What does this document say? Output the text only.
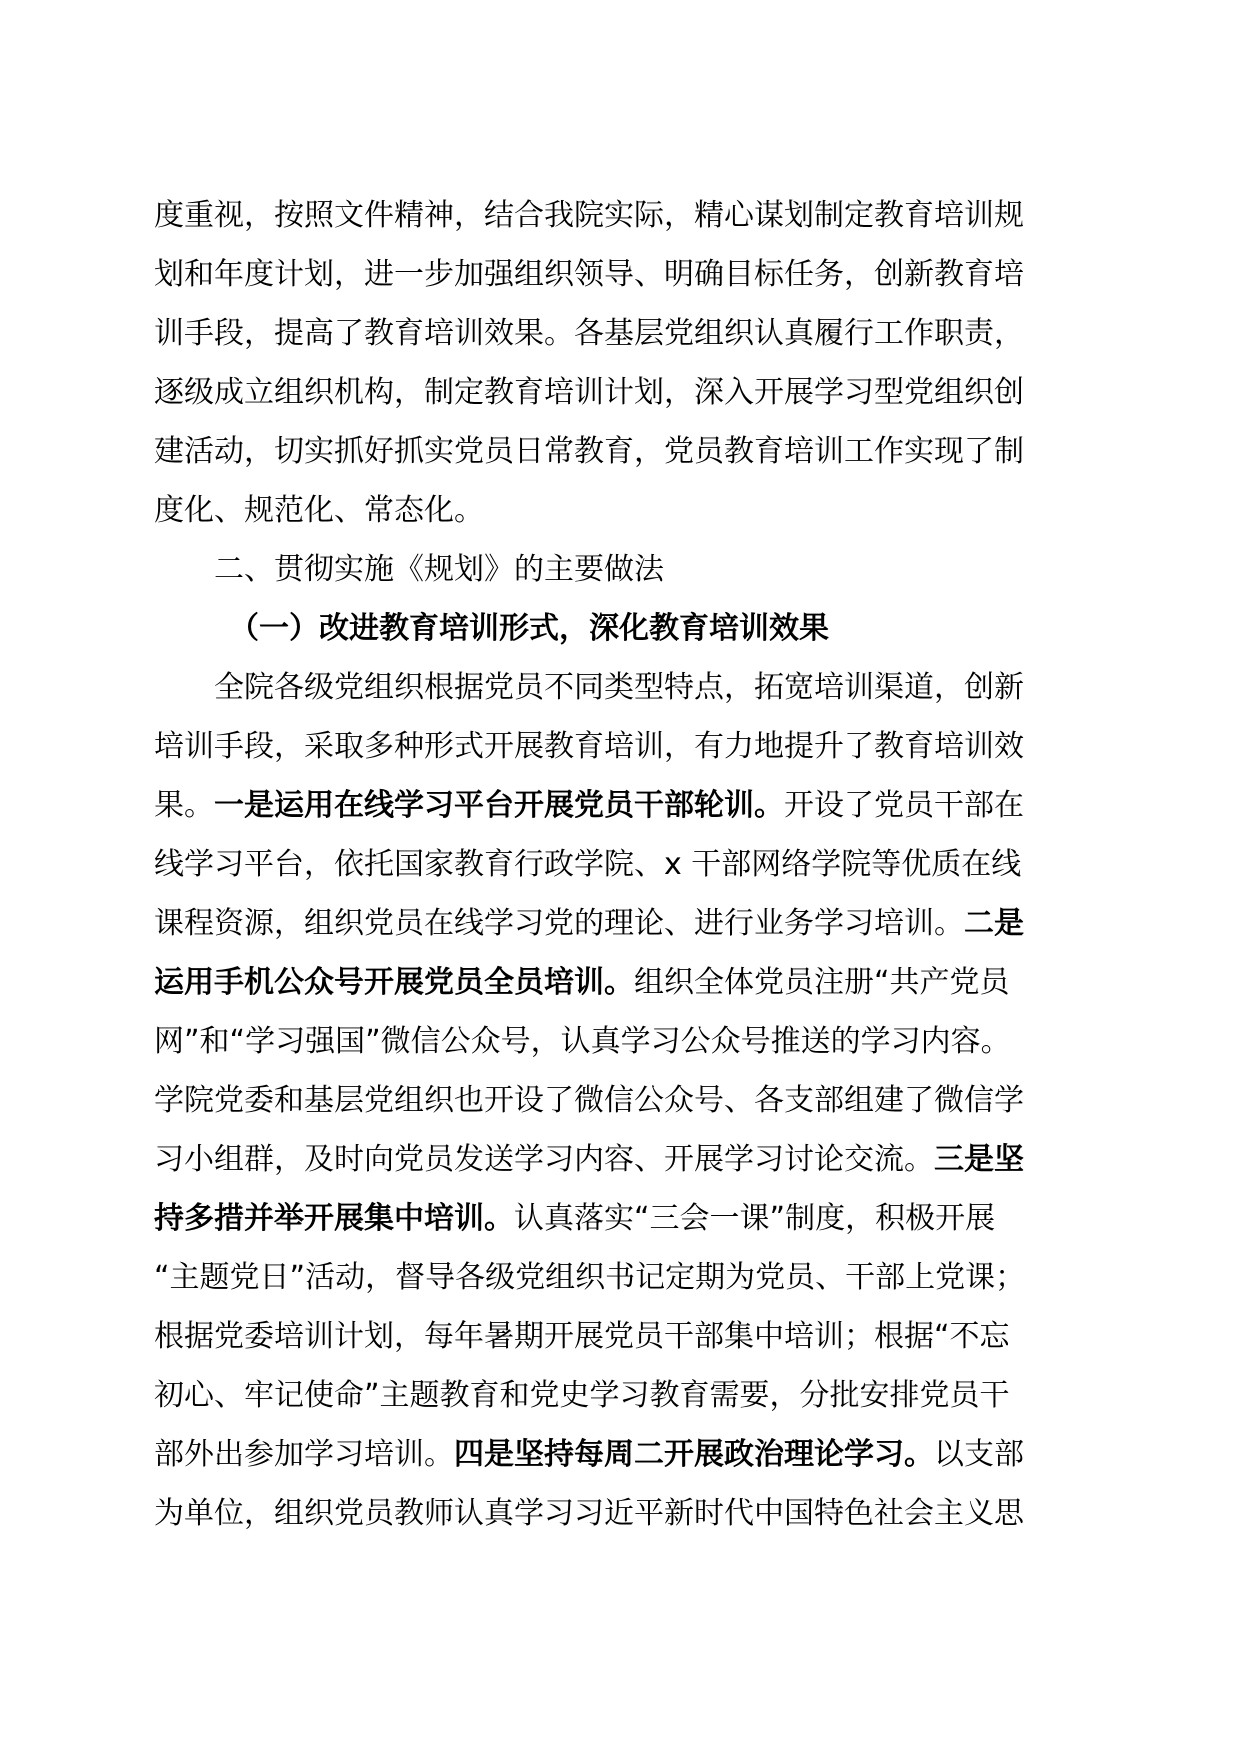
度重视，按照文件精神，结合我院实际，精心谋划制定教育培训规
划和年度计划，进一步加强组织领导、明确目标任务，创新教育培
训手段，提高了教育培训效果。各基层党组织认真履行工作职责，
逐级成立组织机构，制定教育培训计划，深入开展学习型党组织创
建活动，切实抓好抓实党员日常教育，党员教育培训工作实现了制
度化、规范化、常态化。
二、贯彻实施《规划》的主要做法
（一）改进教育培训形式，深化教育培训效果
全院各级党组织根据党员不同类型特点，拓宽培训渠道，创新
培训手段，采取多种形式开展教育培训，有力地提升了教育培训效
果。一是运用在线学习平台开展党员干部轮训。开设了党员干部在
线学习平台，依托国家教育行政学院、x 干部网络学院等优质在线
课程资源，组织党员在线学习党的理论、进行业务学习培训。二是
运用手机公众号开展党员全员培训。组织全体党员注册“共产党员
网”和“学习强国”微信公众号，认真学习公众号推送的学习内容。
学院党委和基层党组织也开设了微信公众号、各支部组建了微信学
习小组群，及时向党员发送学习内容、开展学习讨论交流。三是坚
持多措并举开展集中培训。认真落实“三会一课”制度，积极开展
“主题党日”活动，督导各级党组织书记定期为党员、干部上党课；
根据党委培训计划，每年暑期开展党员干部集中培训；根据“不忘
初心、牢记使命”主题教育和党史学习教育需要，分批安排党员干
部外出参加学习培训。四是坚持每周二开展政治理论学习。以支部
为单位，组织党员教师认真学习习近平新时代中国特色社会主义思
